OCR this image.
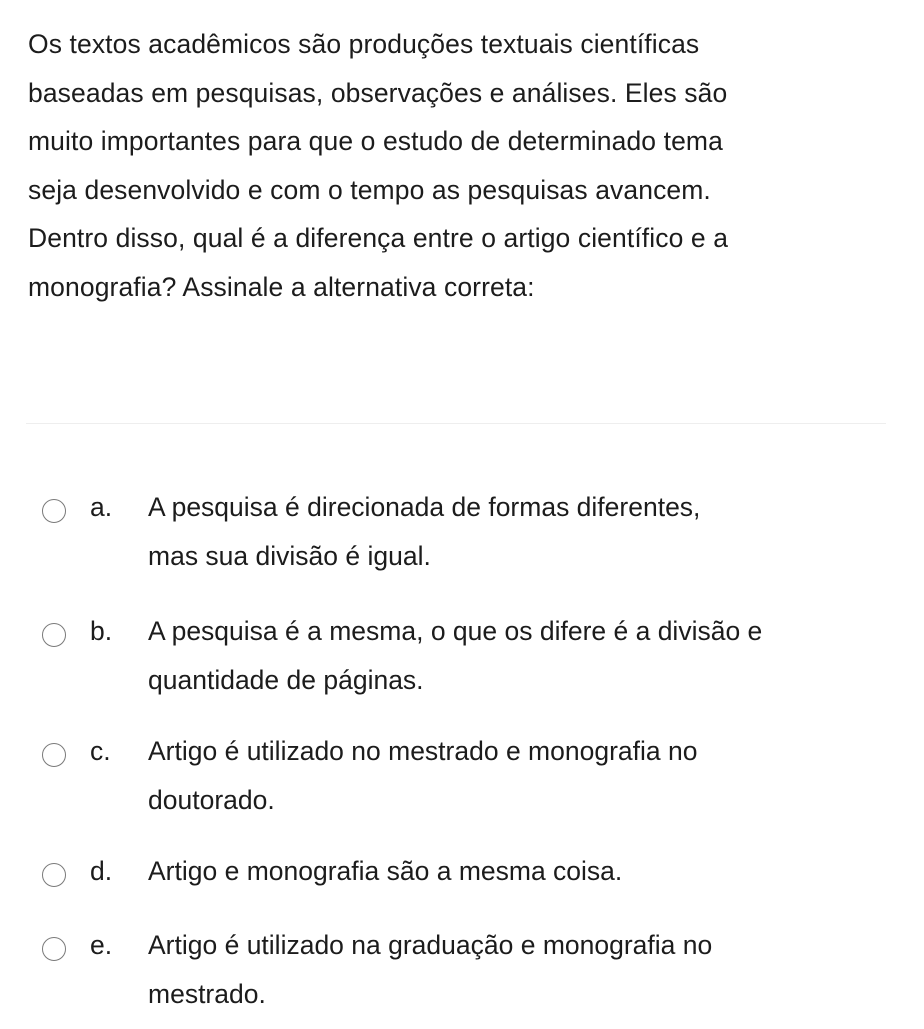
Os textos acadêmicos são produções textuais científicas
baseadas em pesquisas, observações e análises. Eles são
muito importantes para que o estudo de determinado tema
seja desenvolvido e com o tempo as pesquisas avancem.
Dentro disso, qual é a diferença entre o artigo científico e a
monografia? Assinale a alternativa correta:
a. A pesquisa é direcionada de formas diferentes,
mas sua divisão é igual.
b. A pesquisa é a mesma, o que os difere é a divisão e
quantidade de páginas.
c. Artigo é utilizado no mestrado e monografia no
doutorado.
d. Artigo e monografia são a mesma coisa.
e. Artigo é utilizado na graduação e monografia no
mestrado.
